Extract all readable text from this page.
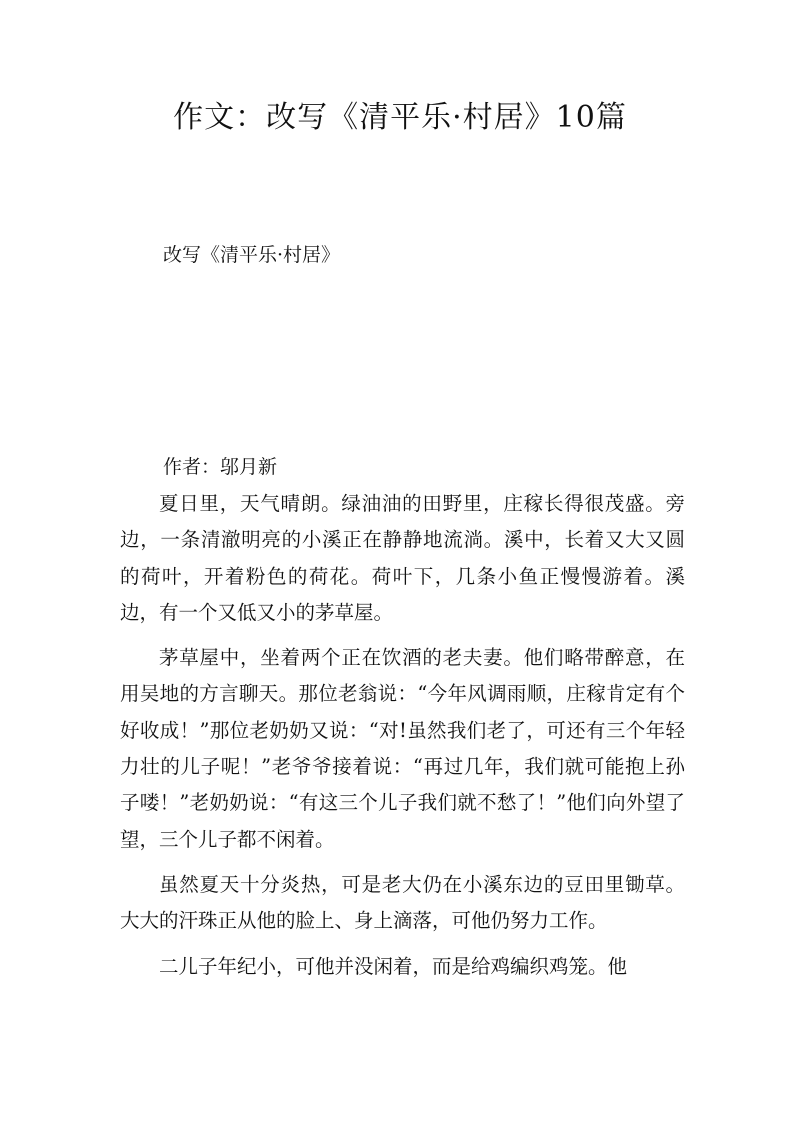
作文：改写《清平乐·村居》10篇

改写《清平乐·村居》

作者：邬月新

夏日里，天气晴朗。绿油油的田野里，庄稼长得很茂盛。旁边，一条清澈明亮的小溪正在静静地流淌。溪中，长着又大又圆的荷叶，开着粉色的荷花。荷叶下，几条小鱼正慢慢游着。溪边，有一个又低又小的茅草屋。

茅草屋中，坐着两个正在饮酒的老夫妻。他们略带醉意，在用吴地的方言聊天。那位老翁说：“今年风调雨顺，庄稼肯定有个好收成！”那位老奶奶又说：“对!虽然我们老了，可还有三个年轻力壮的儿子呢！”老爷爷接着说：“再过几年，我们就可能抱上孙子喽！”老奶奶说：“有这三个儿子我们就不愁了！”他们向外望了望，三个儿子都不闲着。

虽然夏天十分炎热，可是老大仍在小溪东边的豆田里锄草。大大的汗珠正从他的脸上、身上滴落，可他仍努力工作。

二儿子年纪小，可他并没闲着，而是给鸡编织鸡笼。他
